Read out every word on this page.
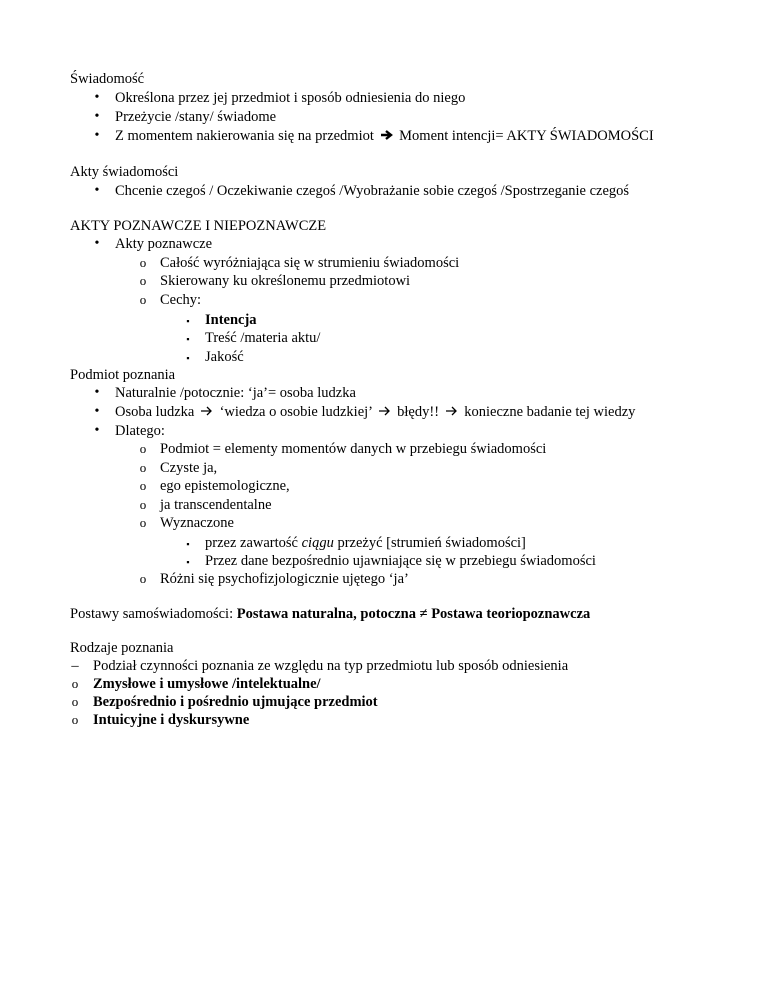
Świadomość
•	Określona przez jej przedmiot i sposób odniesienia do niego
•	Przeżycie /stany/ świadome
•	Z momentem nakierowania się na przedmiot Moment intencji= AKTY ŚWIADOMOŚCI
Akty świadomości
•	Chcenie czegoś / Oczekiwanie czegoś /Wyobrażanie sobie czegoś /Spostrzeganie czegoś
AKTY POZNAWCZE I NIEPOZNAWCZE
•	Akty poznawcze
o Całość wyróżniająca się w strumieniu świadomości
o Skierowany ku określonemu przedmiotowi
o Cechy:
▪	Intencja
▪	Treść /materia aktu/
▪	Jakość
Podmiot poznania
•	Naturalnie /potocznie: ‘ja’= osoba ludzka
•	Osoba ludzka ‘wiedza o osobie ludzkiej’ błędy!! konieczne badanie tej wiedzy
•	Dlatego:
o Podmiot = elementy momentów danych w przebiegu świadomości
o Czyste ja,
o ego epistemologiczne,
o ja transcendentalne
o Wyznaczone
▪	przez zawartość ciągu przeżyć [strumień świadomości]
▪	Przez dane bezpośrednio ujawniające się w przebiegu świadomości
o Różni się psychofizjologicznie ujętego ‘ja’
Postawy samoświadomości: Postawa naturalna, potoczna ≠ Postawa teoriopoznawcza
Rodzaje poznania
– Podział czynności poznania ze względu na typ przedmiotu lub sposób odniesienia
o Zmysłowe i umysłowe /intelektualne/
o Bezpośrednio i pośrednio ujmujące przedmiot
o Intuicyjne i dyskursywne
